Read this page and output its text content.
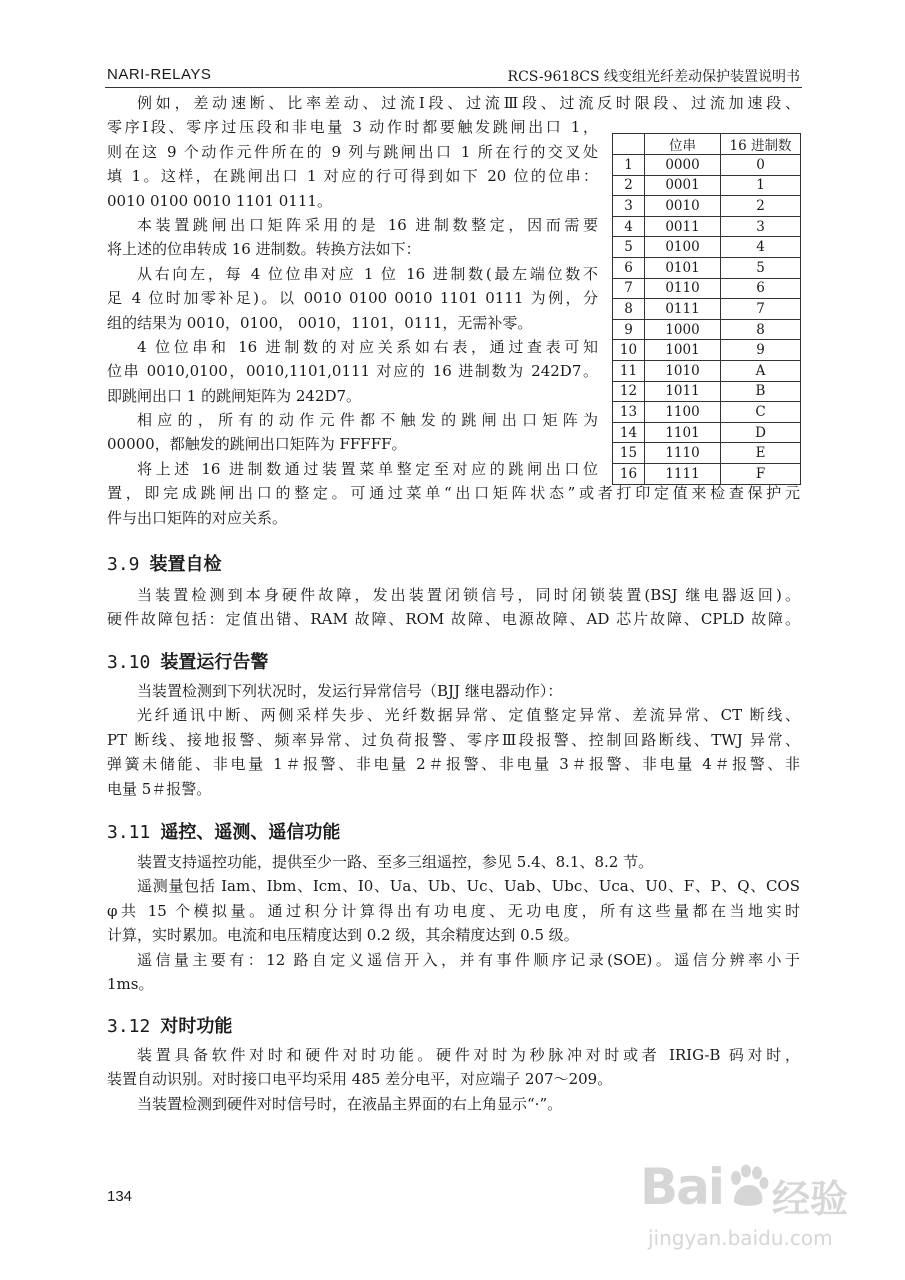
NARI-RELAYS	RCS-9618CS 线变组光纤差动保护装置说明书
例如，差动速断、比率差动、过流Ⅰ段、过流Ⅲ段、过流反时限段、过流加速段、
零序Ⅰ段、零序过压段和非电量 3 动作时都要触发跳闸出口 1，
则在这 9 个动作元件所在的 9 列与跳闸出口 1 所在行的交叉处
填 1。这样，在跳闸出口 1 对应的行可得到如下 20 位的位串：
0010 0100 0010 1101 0111。
本装置跳闸出口矩阵采用的是 16 进制数整定，因而需要
将上述的位串转成 16 进制数。转换方法如下：
从右向左，每 4 位位串对应 1 位 16 进制数(最左端位数不
足 4 位时加零补足)。以 0010 0100 0010 1101 0111 为例，分
组的结果为 0010，0100， 0010，1101，0111，无需补零。
4 位位串和 16 进制数的对应关系如右表，通过查表可知
位串 0010,0100，0010,1101,0111 对应的 16 进制数为 242D7。
即跳闸出口 1 的跳闸矩阵为 242D7。
相应的，所有的动作元件都不触发的跳闸出口矩阵为
00000，都触发的跳闸出口矩阵为 FFFFF。
将上述 16 进制数通过装置菜单整定至对应的跳闸出口位
置，即完成跳闸出口的整定。可通过菜单“出口矩阵状态”或者打印定值来检查保护元
件与出口矩阵的对应关系。
	位串	16 进制数
1	0000	0
2	0001	1
3	0010	2
4	0011	3
5	0100	4
6	0101	5
7	0110	6
8	0111	7
9	1000	8
10	1001	9
11	1010	A
12	1011	B
13	1100	C
14	1101	D
15	1110	E
16	1111	F
3.9 装置自检
当装置检测到本身硬件故障，发出装置闭锁信号，同时闭锁装置(BSJ 继电器返回)。
硬件故障包括：定值出错、RAM 故障、ROM 故障、电源故障、AD 芯片故障、CPLD 故障。
3.10 装置运行告警
当装置检测到下列状况时，发运行异常信号（BJJ 继电器动作）：
光纤通讯中断、两侧采样失步、光纤数据异常、定值整定异常、差流异常、CT 断线、
PT 断线、接地报警、频率异常、过负荷报警、零序Ⅲ段报警、控制回路断线、TWJ 异常、
弹簧未储能、非电量 1＃报警、非电量 2＃报警、非电量 3＃报警、非电量 4＃报警、非
电量 5＃报警。
3.11 遥控、遥测、遥信功能
装置支持遥控功能，提供至少一路、至多三组遥控，参见 5.4、8.1、8.2 节。
遥测量包括 Iam、Ibm、Icm、I0、Ua、Ub、Uc、Uab、Ubc、Uca、U0、F、P、Q、COS
φ共 15 个模拟量。通过积分计算得出有功电度、无功电度，所有这些量都在当地实时
计算，实时累加。电流和电压精度达到 0.2 级，其余精度达到 0.5 级。
遥信量主要有：12 路自定义遥信开入，并有事件顺序记录(SOE)。遥信分辨率小于
1ms。
3.12 对时功能
装置具备软件对时和硬件对时功能。硬件对时为秒脉冲对时或者 IRIG-B 码对时，
装置自动识别。对时接口电平均采用 485 差分电平，对应端子 207～209。
当装置检测到硬件对时信号时，在液晶主界面的右上角显示“·”。
134	Bai 经验
jingyan.baidu.com
